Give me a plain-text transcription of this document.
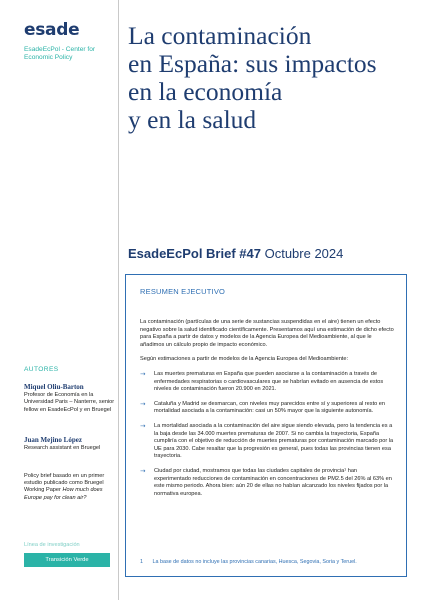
esade
EsadeEcPol - Center for Economic Policy
AUTORES
Miquel Oliu-Barton
Profesor de Economía en la Universidad Paris – Nanterre, senior fellow en EsadeEcPol y en Bruegel
Juan Mejino López
Research assistant en Bruegel
Policy brief basado en un primer estudio publicado como Bruegel Working Paper How much does Europe pay for clean air?
Línea de investigación
Transición Verde
La contaminación
en España: sus impactos
en la economía
y en la salud
EsadeEcPol Brief #47 Octubre 2024
RESUMEN EJECUTIVO

La contaminación (partículas de una serie de sustancias suspendidas en el aire) tienen un efecto negativo sobre la salud identificado científicamente. Presentamos aquí una estimación de dicho efecto para España a partir de datos y modelos de la Agencia Europea del Medioambiente, al que le añadimos un cálculo propio de impacto económico.

Según estimaciones a partir de modelos de la Agencia Europea del Medioambiente:

→ Las muertes prematuras en España que pueden asociarse a la contaminación a través de enfermedades respiratorias o cardiovasculares que se habrían evitado en ausencia de estos niveles de contaminación fueron 20.900 en 2021.
→ Cataluña y Madrid se desmarcan, con niveles muy parecidos entre sí y superiores al resto en mortalidad asociada a la contaminación: casi un 50% mayor que la siguiente autonomía.
→ La mortalidad asociada a la contaminación del aire sigue siendo elevada, pero la tendencia es a la baja desde las 34.000 muertes prematuras de 2007. Si no cambia la trayectoria, España cumpliría con el objetivo de reducción de muertes prematuras por contaminación marcado por la UE para 2030. Cabe resaltar que la progresión es general, pues todas las provincias tienen esa trayectoria.
→ Ciudad por ciudad, mostramos que todas las ciudades capitales de provincia¹ han experimentado reducciones de contaminación en concentraciones de PM2.5 del 26% al 63% en este mismo periodo. Ahora bien: aún 20 de ellas no habían alcanzado los niveles fijados por la normativa europea.
1 La base de datos no incluye las provincias canarias, Huesca, Segovia, Soria y Teruel.
